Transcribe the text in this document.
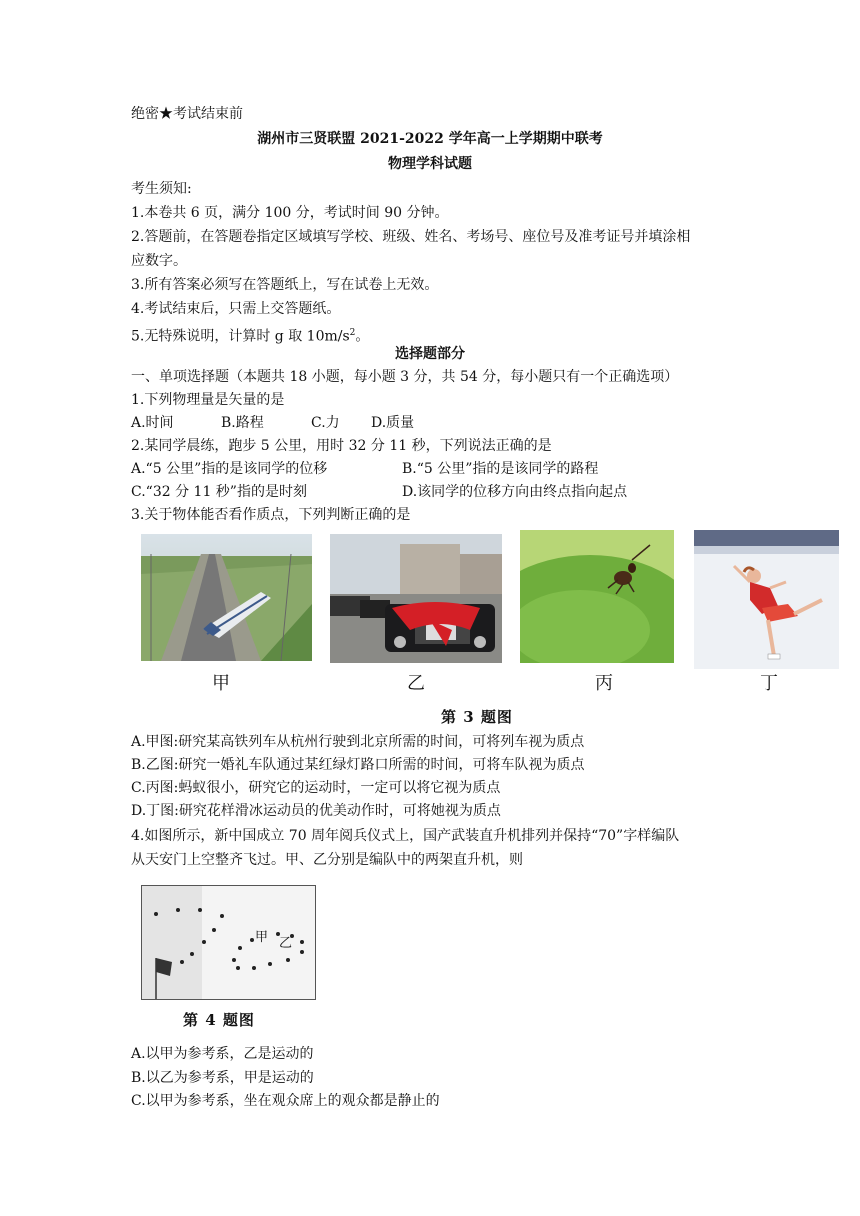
绝密★考试结束前
湖州市三贤联盟 2021-2022 学年高一上学期期中联考
物理学科试题
考生须知:
1.本卷共 6 页，满分 100 分，考试时间 90 分钟。
2.答题前，在答题卷指定区域填写学校、班级、姓名、考场号、座位号及准考证号并填涂相
应数字。
3.所有答案必须写在答题纸上，写在试卷上无效。
4.考试结束后，只需上交答题纸。
5.无特殊说明，计算时 g 取 $10m/s^2$。
选择题部分
一、单项选择题（本题共 18 小题，每小题 3 分，共 54 分，每小题只有一个正确选项）
1.下列物理量是矢量的是
A.时间	B.路程	C.力 D.质量
2.某同学晨练，跑步 5 公里，用时 32 分 11 秒，下列说法正确的是
A.“5 公里”指的是该同学的位移	B.“5 公里”指的是该同学的路程
C.“32 分 11 秒”指的是时刻	D.该同学的位移方向由终点指向起点
3.关于物体能否看作质点，下列判断正确的是
甲	乙	丙	丁
第 3 题图
A.甲图:研究某高铁列车从杭州行驶到北京所需的时间，可将列车视为质点
B.乙图:研究一婚礼车队通过某红绿灯路口所需的时间，可将车队视为质点
C.丙图:蚂蚁很小，研究它的运动时，一定可以将它视为质点
D.丁图:研究花样滑冰运动员的优美动作时，可将她视为质点
4.如图所示，新中国成立 70 周年阅兵仪式上，国产武装直升机排列并保持“70”字样编队
从天安门上空整齐飞过。甲、乙分别是编队中的两架直升机，则
甲 乙
第 4 题图
A.以甲为参考系，乙是运动的
B.以乙为参考系，甲是运动的
C.以甲为参考系，坐在观众席上的观众都是静止的
